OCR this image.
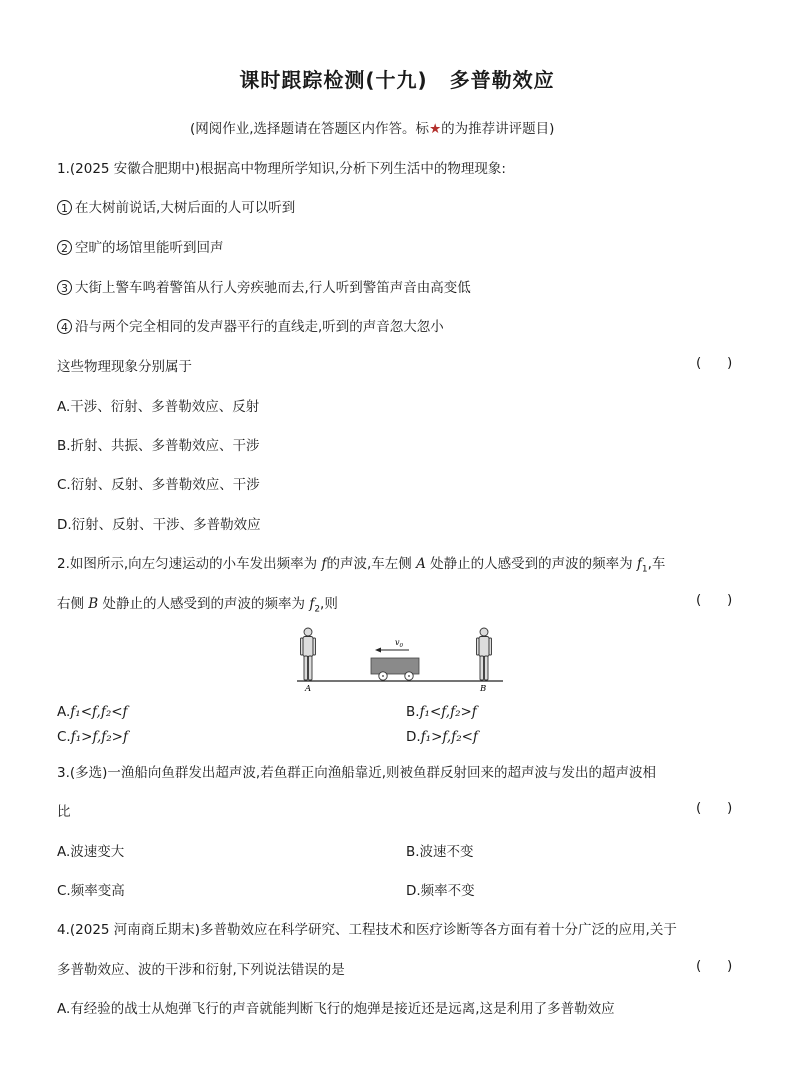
课时跟踪检测(十九) 多普勒效应
(网阅作业,选择题请在答题区内作答。标★的为推荐讲评题目)
1.(2025 安徽合肥期中)根据高中物理所学知识,分析下列生活中的物理现象:
1 在大树前说话,大树后面的人可以听到
2 空旷的场馆里能听到回声
3 大街上警车鸣着警笛从行人旁疾驰而去,行人听到警笛声音由高变低
4 沿与两个完全相同的发声器平行的直线走,听到的声音忽大忽小
这些物理现象分别属于	(      )
A.干涉、衍射、多普勒效应、反射
B.折射、共振、多普勒效应、干涉
C.衍射、反射、多普勒效应、干涉
D.衍射、反射、干涉、多普勒效应
2.如图所示,向左匀速运动的小车发出频率为 f的声波,车左侧 A 处静止的人感受到的声波的频率为 $f_1$,车
右侧 B 处静止的人感受到的声波的频率为 $f_2$,则	(      )
$v_0$
A	B
A.f₁<f,f₂<f	B.f₁<f,f₂>f
C.f₁>f,f₂>f	D.f₁>f,f₂<f
3.(多选)一渔船向鱼群发出超声波,若鱼群正向渔船靠近,则被鱼群反射回来的超声波与发出的超声波相
比	(      )
A.波速变大	B.波速不变
C.频率变高	D.频率不变
4.(2025 河南商丘期末)多普勒效应在科学研究、工程技术和医疗诊断等各方面有着十分广泛的应用,关于
多普勒效应、波的干涉和衍射,下列说法错误的是	(      )
A.有经验的战士从炮弹飞行的声音就能判断飞行的炮弹是接近还是远离,这是利用了多普勒效应
